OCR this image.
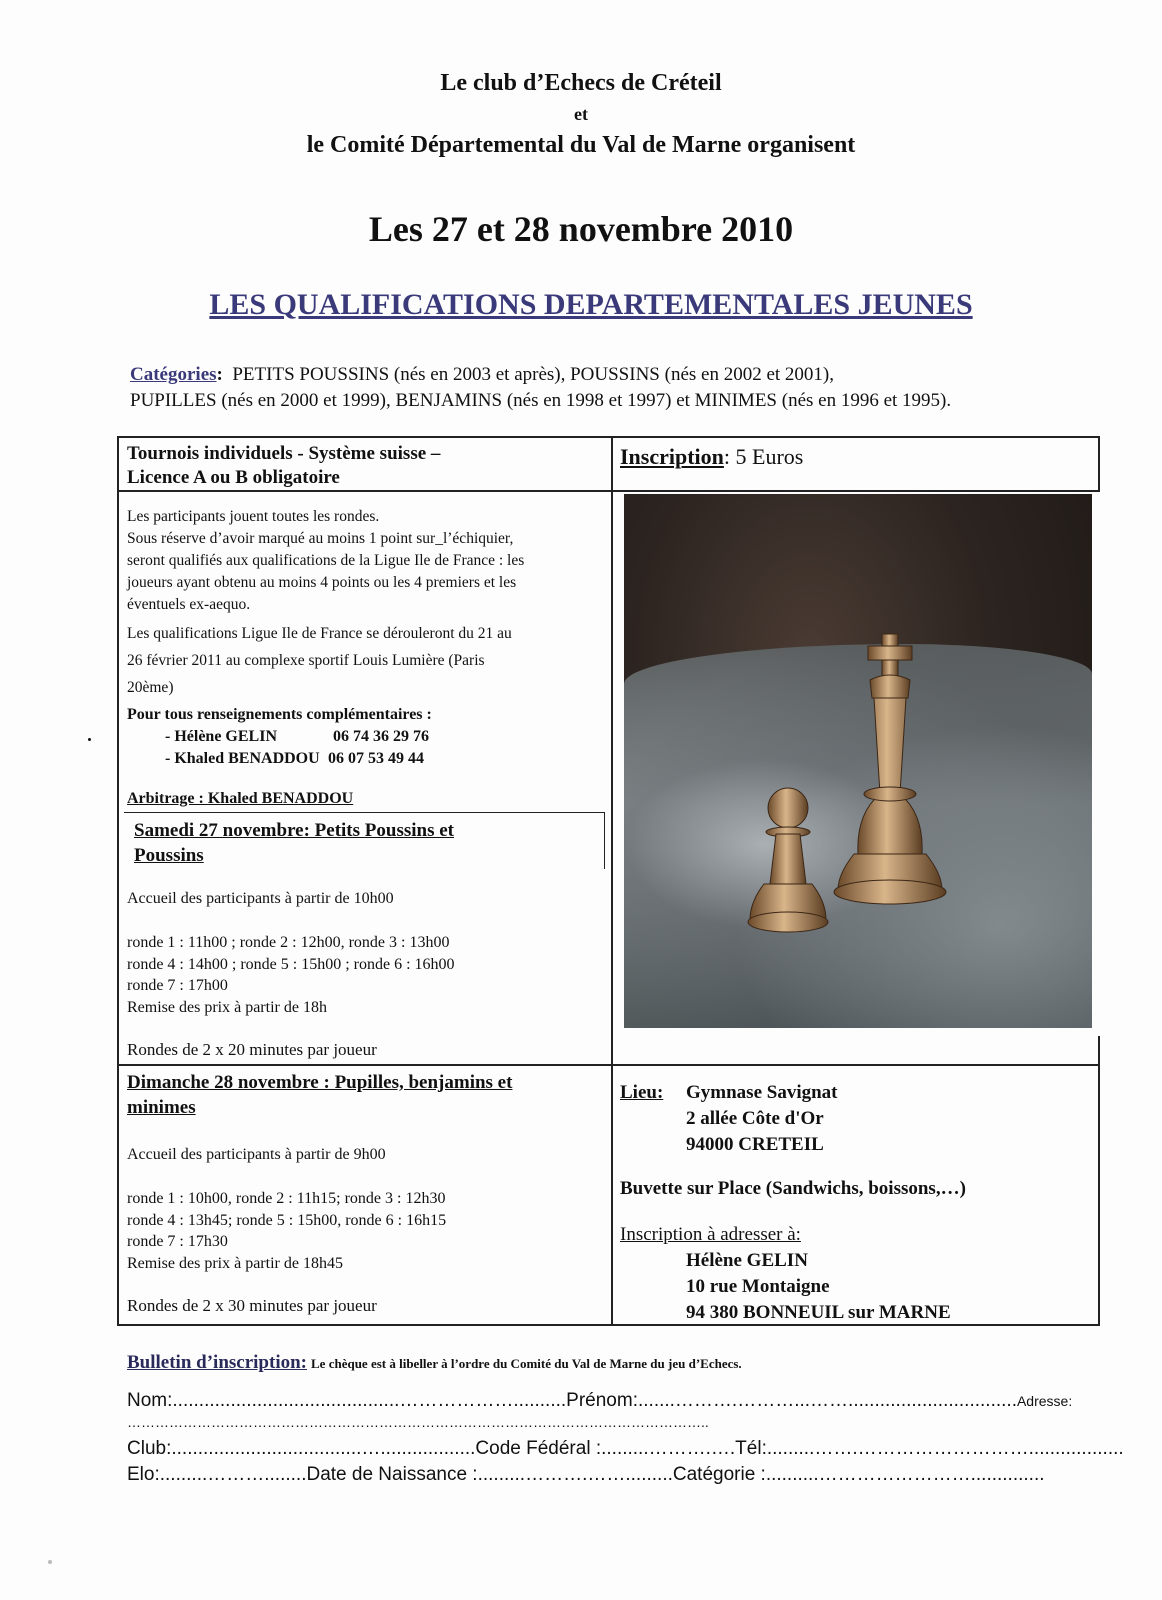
Le club d’Echecs de Créteil
et
le Comité Départemental du Val de Marne organisent
Les 27 et 28 novembre 2010
LES QUALIFICATIONS DEPARTEMENTALES JEUNES
Catégories: PETITS POUSSINS (nés en 2003 et après), POUSSINS (nés en 2002 et 2001),
PUPILLES (nés en 2000 et 1999), BENJAMINS (nés en 1998 et 1997) et MINIMES (nés en 1996 et 1995).
Tournois individuels - Système suisse –
Licence A ou B obligatoire
Inscription: 5 Euros
Les participants jouent toutes les rondes.
Sous réserve d’avoir marqué au moins 1 point sur_l’échiquier,
seront qualifiés aux qualifications de la Ligue Ile de France : les
joueurs ayant obtenu au moins 4 points ou les 4 premiers et les
éventuels ex-aequo.
Les qualifications Ligue Ile de France se dérouleront du 21 au
26 février 2011 au complexe sportif Louis Lumière (Paris
20ème)
Pour tous renseignements complémentaires :
- Hélène GELIN	06 74 36 29 76
- Khaled BENADDOU 06 07 53 49 44
Arbitrage : Khaled BENADDOU
Samedi 27 novembre: Petits Poussins et
Poussins
Accueil des participants à partir de 10h00
ronde 1 : 11h00 ; ronde 2 : 12h00, ronde 3 : 13h00
ronde 4 : 14h00 ; ronde 5 : 15h00 ; ronde 6 : 16h00
ronde 7 : 17h00
Remise des prix à partir de 18h
Rondes de 2 x 20 minutes par joueur
Dimanche 28 novembre : Pupilles, benjamins et
minimes
Accueil des participants à partir de 9h00
ronde 1 : 10h00, ronde 2 : 11h15; ronde 3 : 12h30
ronde 4 : 13h45; ronde 5 : 15h00, ronde 6 : 16h15
ronde 7 : 17h30
Remise des prix à partir de 18h45
Rondes de 2 x 30 minutes par joueur
Lieu: Gymnase Savignat
2 allée Côte d'Or
94000 CRETEIL
Buvette sur Place (Sandwichs, boissons,…)
Inscription à adresser à:
Hélène GELIN
10 rue Montaigne
94 380 BONNEUIL sur MARNE
Bulletin d’inscription: Le chèque est à libeller à l’ordre du Comité du Val de Marne du jeu d’Echecs.
Nom:...........................................………………..........Prénom:.......……….………...……................................Adresse:
……………………………………………………………………………………………………………..
Club:....................................…..................Code Fédéral :.........……….….Tél:.........…….………………………..................
Elo:.........………........Date de Naissance :.........……….…….........Catégorie :..........……………………..............
